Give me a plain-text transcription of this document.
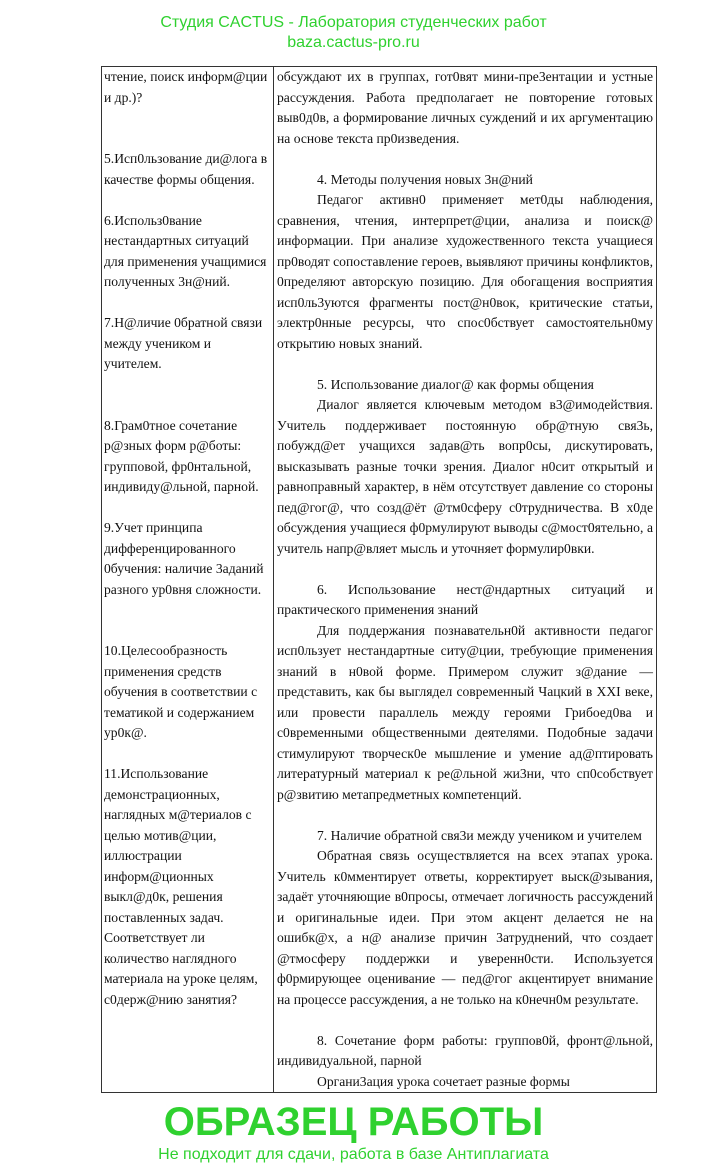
Студия CACTUS - Лаборатория студенческих работ
baza.cactus-pro.ru

чтение, поиск информ@ции и др.)?

5.Исп0льзование ди@лога в качестве формы общения.

6.Использ0вание нестандартных ситуаций для применения учащимися полученных 3н@ний.

7.Н@личие 0братной связи между учеником и учителем.

8.Грам0тное сочетание р@зных форм р@боты: групповой, фр0нтальной, индивиду@льной, парной.

9.Учет принципа дифференцированного 0бучения: наличие 3аданий разного ур0вня сложности.

10.Целесообразность применения средств обучения в соответствии с тематикой и содержанием ур0к@.

11.Использование демонстрационных, наглядных м@териалов с целью мотив@ции, иллюстрации информ@ционных выкл@д0к, решения поставленных задач. Соответствует ли количество наглядного материала на уроке целям, с0держ@нию занятия?

обсуждают их в группах, гот0вят мини-пре3ентации и устные рассуждения. Работа предполагает не повторение готовых выв0д0в, а формирование личных суждений и их аргументацию на основе текста пр0изведения.

4. Методы получения новых 3н@ний

Педагог активн0 применяет мет0ды наблюдения, сравнения, чтения, интерпрет@ции, анализа и поиск@ информации. При анализе художественного текста учащиеся пр0водят сопоставление героев, выявляют причины конфликтов, 0пределяют авторскую позицию. Для обогащения восприятия исп0ль3уются фрагменты пост@н0вок, критические статьи, электр0нные ресурсы, что спос0бствует самостоятельн0му открытию новых знаний.

5. Использование диалог@ как формы общения

Диалог является ключевым методом в3@имодействия. Учитель поддерживает постоянную обр@тную свя3ь, побужд@ет учащихся задав@ть вопр0сы, дискутировать, высказывать разные точки зрения. Диалог н0сит открытый и равноправный характер, в нём отсутствует давление со стороны пед@гог@, что созд@ёт @тм0сферу с0трудничества. В х0де обсуждения учащиеся ф0рмулируют выводы с@мост0ятельно, а учитель напр@вляет мысль и уточняет формулир0вки.

6. Использование нест@ндартных ситуаций и практического применения знаний

Для поддержания познавательн0й активности педагог исп0льзует нестандартные ситу@ции, требующие применения знаний в н0вой форме. Примером служит з@дание — представить, как бы выглядел современный Чацкий в XXI веке, или провести параллель между героями Грибоед0ва и с0временными общественными деятелями. Подобные задачи стимулируют творческ0е мышление и умение ад@птировать литературный материал к ре@льной жи3ни, что сп0собствует р@звитию метапредметных компетенций.

7. Наличие обратной свя3и между учеником и учителем

Обратная связь осуществляется на всех этапах урока. Учитель к0мментирует ответы, корректирует выск@зывания, задаёт уточняющие в0просы, отмечает логичность рассуждений и оригинальные идеи. При этом акцент делается не на ошибк@х, а н@ анализе причин 3атруднений, что создает @тмосферу поддержки и уверенн0сти. Используется ф0рмирующее оценивание — пед@гог акцентирует внимание на процессе рассуждения, а не только на к0нечн0м результате.

8. Сочетание форм работы: группов0й, фронт@льной, индивидуальной, парной

Органи3ация урока сочетает разные формы

ОБРАЗЕЦ РАБОТЫ
Не подходит для сдачи, работа в базе Антиплагиата
